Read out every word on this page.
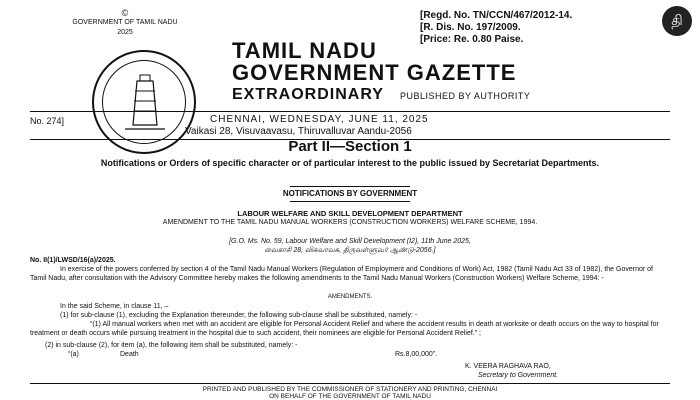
©
GOVERNMENT OF TAMIL NADU
2025
[Regd. No. TN/CCN/467/2012-14.
[R. Dis. No. 197/2009.
[Price: Re. 0.80 Paise.
தி
TAMIL NADU
GOVERNMENT GAZETTE
EXTRAORDINARY PUBLISHED BY AUTHORITY
No. 274]	CHENNAI, WEDNESDAY, JUNE 11, 2025
Vaikasi 28, Visuvaavasu, Thiruvalluvar Aandu-2056
Part II—Section 1
Notifications or Orders of specific character or of particular interest to the public issued by Secretariat Departments.
NOTIFICATIONS BY GOVERNMENT
LABOUR WELFARE AND SKILL DEVELOPMENT DEPARTMENT
AMENDMENT TO THE TAMIL NADU MANUAL WORKERS (CONSTRUCTION WORKERS) WELFARE SCHEME, 1994.
[G.O. Ms. No. 59, Labour Welfare and Skill Development (I2), 11th June 2025,
வைகாசி 28, விசுவாவசு, திருவள்ளுவர் ஆண்டு-2056.]
No. II(1)/LWSD/16(a)/2025.
In exercise of the powers conferred by section 4 of the Tamil Nadu Manual Workers (Regulation of Employment and Conditions of Work) Act, 1982 (Tamil Nadu Act 33 of 1982), the Governor of Tamil Nadu, after consultation with the Advisory Committee hereby makes the following amendments to the Tamil Nadu Manual Workers (Construction Workers) Welfare Scheme, 1994: -
AMENDMENTS.
In the said Scheme, in clause 11, –
(1) for sub-clause (1), excluding the Explanation thereunder, the following sub-clause shall be substituted, namely: -
“(1) All manual workers when met with an accident are eligible for Personal Accident Relief and where the accident results in death at worksite or death occurs on the way to hospital for treatment or death occurs while pursuing treatment in the hospital due to such accident, their nominees are eligible for Personal Accident Relief.” ;
(2) in sub-clause (2), for item (a), the following item shall be substituted, namely: -
“(a)	Death	Rs.8,00,000”.
K. VEERA RAGHAVA RAO,
Secretary to Government.
PRINTED AND PUBLISHED BY THE COMMISSIONER OF STATIONERY AND PRINTING, CHENNAI
ON BEHALF OF THE GOVERNMENT OF TAMIL NADU
